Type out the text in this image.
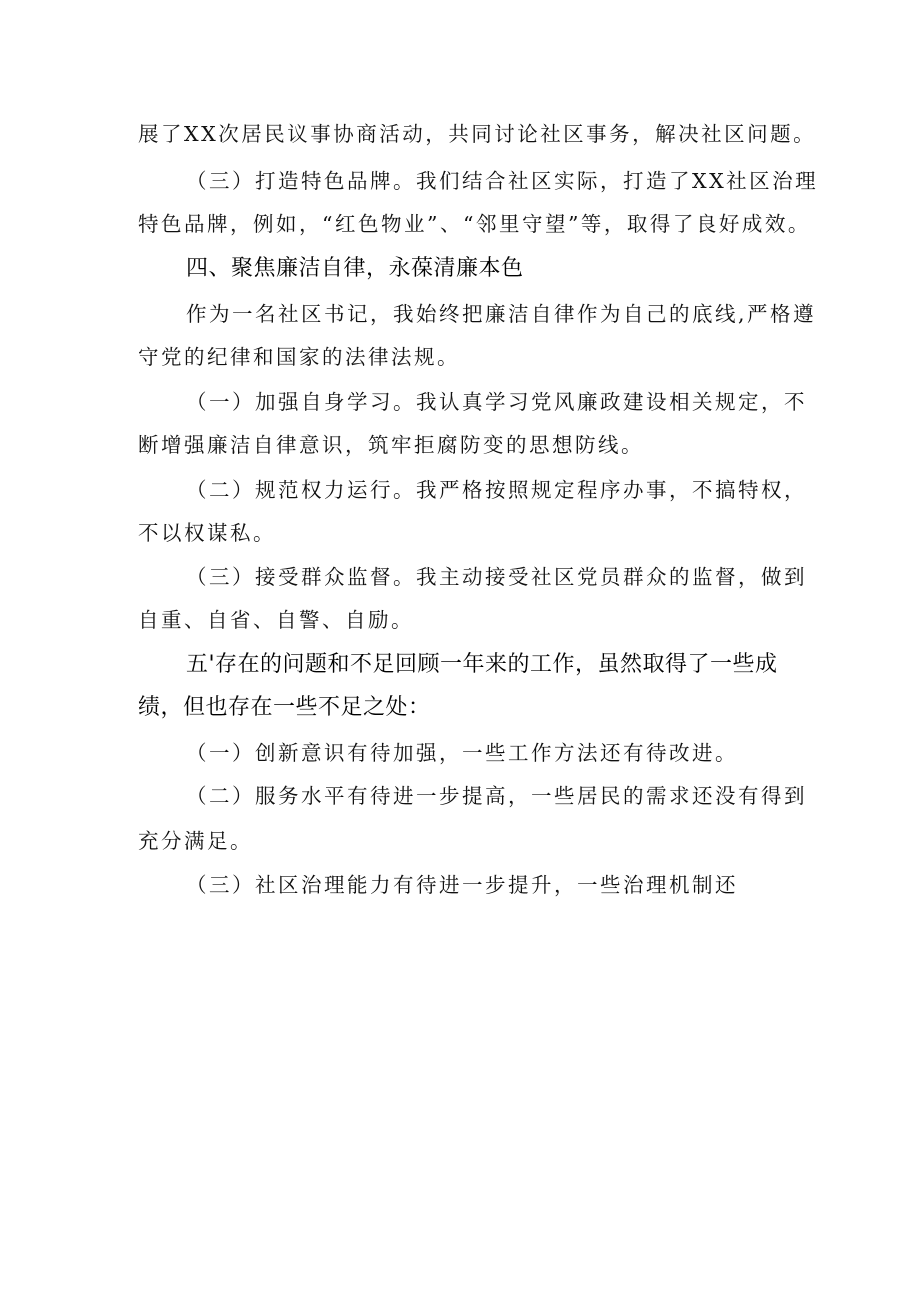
展了XX次居民议事协商活动，共同讨论社区事务，解决社区问题。
（三）打造特色品牌。我们结合社区实际，打造了XX社区治理
特色品牌，例如，“红色物业”、“邻里守望”等，取得了良好成效。
四、聚焦廉洁自律，永葆清廉本色
作为一名社区书记，我始终把廉洁自律作为自己的底线,严格遵
守党的纪律和国家的法律法规。
（一）加强自身学习。我认真学习党风廉政建设相关规定，不
断增强廉洁自律意识，筑牢拒腐防变的思想防线。
（二）规范权力运行。我严格按照规定程序办事，不搞特权，
不以权谋私。
（三）接受群众监督。我主动接受社区党员群众的监督，做到
自重、自省、自警、自励。
五'存在的问题和不足回顾一年来的工作，虽然取得了一些成
绩，但也存在一些不足之处：
（一）创新意识有待加强，一些工作方法还有待改进。
（二）服务水平有待进一步提高，一些居民的需求还没有得到
充分满足。
（三）社区治理能力有待进一步提升，一些治理机制还
